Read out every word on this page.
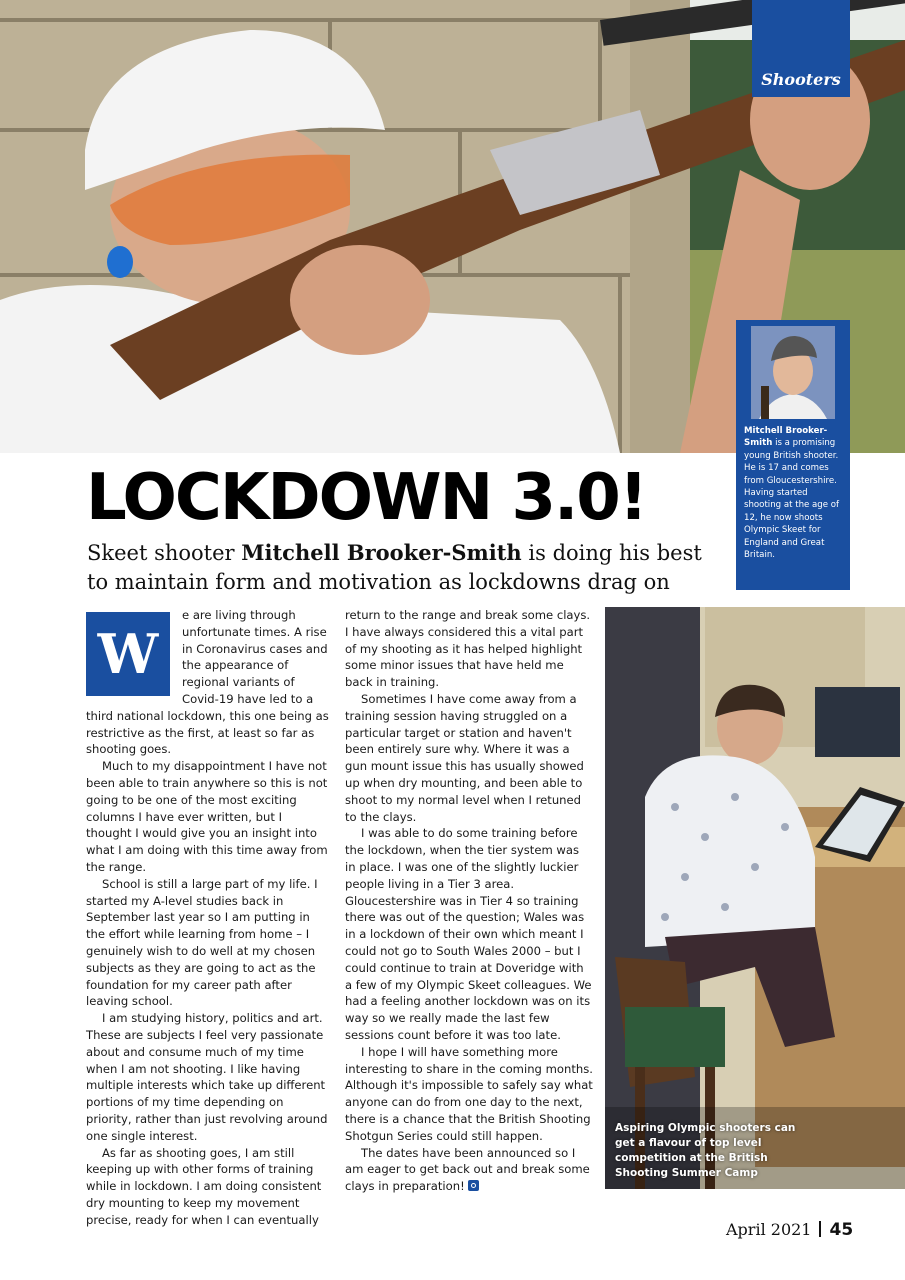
Shooters
Mitchell Brooker-Smith is a promising young British shooter. He is 17 and comes from Gloucestershire. Having started shooting at the age of 12, he now shoots Olympic Skeet for England and Great Britain.
LOCKDOWN 3.0!

Skeet shooter Mitchell Brooker-Smith is doing his best to maintain form and motivation as lockdowns drag on

W

e are living through unfortunate times. A rise in Coronavirus cases and the appearance of regional variants of Covid-19 have led to a third national lockdown, this one being as restrictive as the first, at least so far as shooting goes.

Much to my disappointment I have not been able to train anywhere so this is not going to be one of the most exciting columns I have ever written, but I thought I would give you an insight into what I am doing with this time away from the range.

School is still a large part of my life. I started my A-level studies back in September last year so I am putting in the effort while learning from home – I genuinely wish to do well at my chosen subjects as they are going to act as the foundation for my career path after leaving school.

I am studying history, politics and art. These are subjects I feel very passionate about and consume much of my time when I am not shooting. I like having multiple interests which take up different portions of my time depending on priority, rather than just revolving around one single interest.

As far as shooting goes, I am still keeping up with other forms of training while in lockdown. I am doing consistent dry mounting to keep my movement precise, ready for when I can eventually

return to the range and break some clays. I have always considered this a vital part of my shooting as it has helped highlight some minor issues that have held me back in training.

Sometimes I have come away from a training session having struggled on a particular target or station and haven't been entirely sure why. Where it was a gun mount issue this has usually showed up when dry mounting, and been able to shoot to my normal level when I retuned to the clays.

I was able to do some training before the lockdown, when the tier system was in place. I was one of the slightly luckier people living in a Tier 3 area. Gloucestershire was in Tier 4 so training there was out of the question; Wales was in a lockdown of their own which meant I could not go to South Wales 2000 – but I could continue to train at Doveridge with a few of my Olympic Skeet colleagues. We had a feeling another lockdown was on its way so we really made the last few sessions count before it was too late.

I hope I will have something more interesting to share in the coming months. Although it's impossible to safely say what anyone can do from one day to the next, there is a chance that the British Shooting Shotgun Series could still happen.

The dates have been announced so I am eager to get back out and break some clays in preparation!

Aspiring Olympic shooters can get a flavour of top level competition at the British Shooting Summer Camp
April 2021 45
